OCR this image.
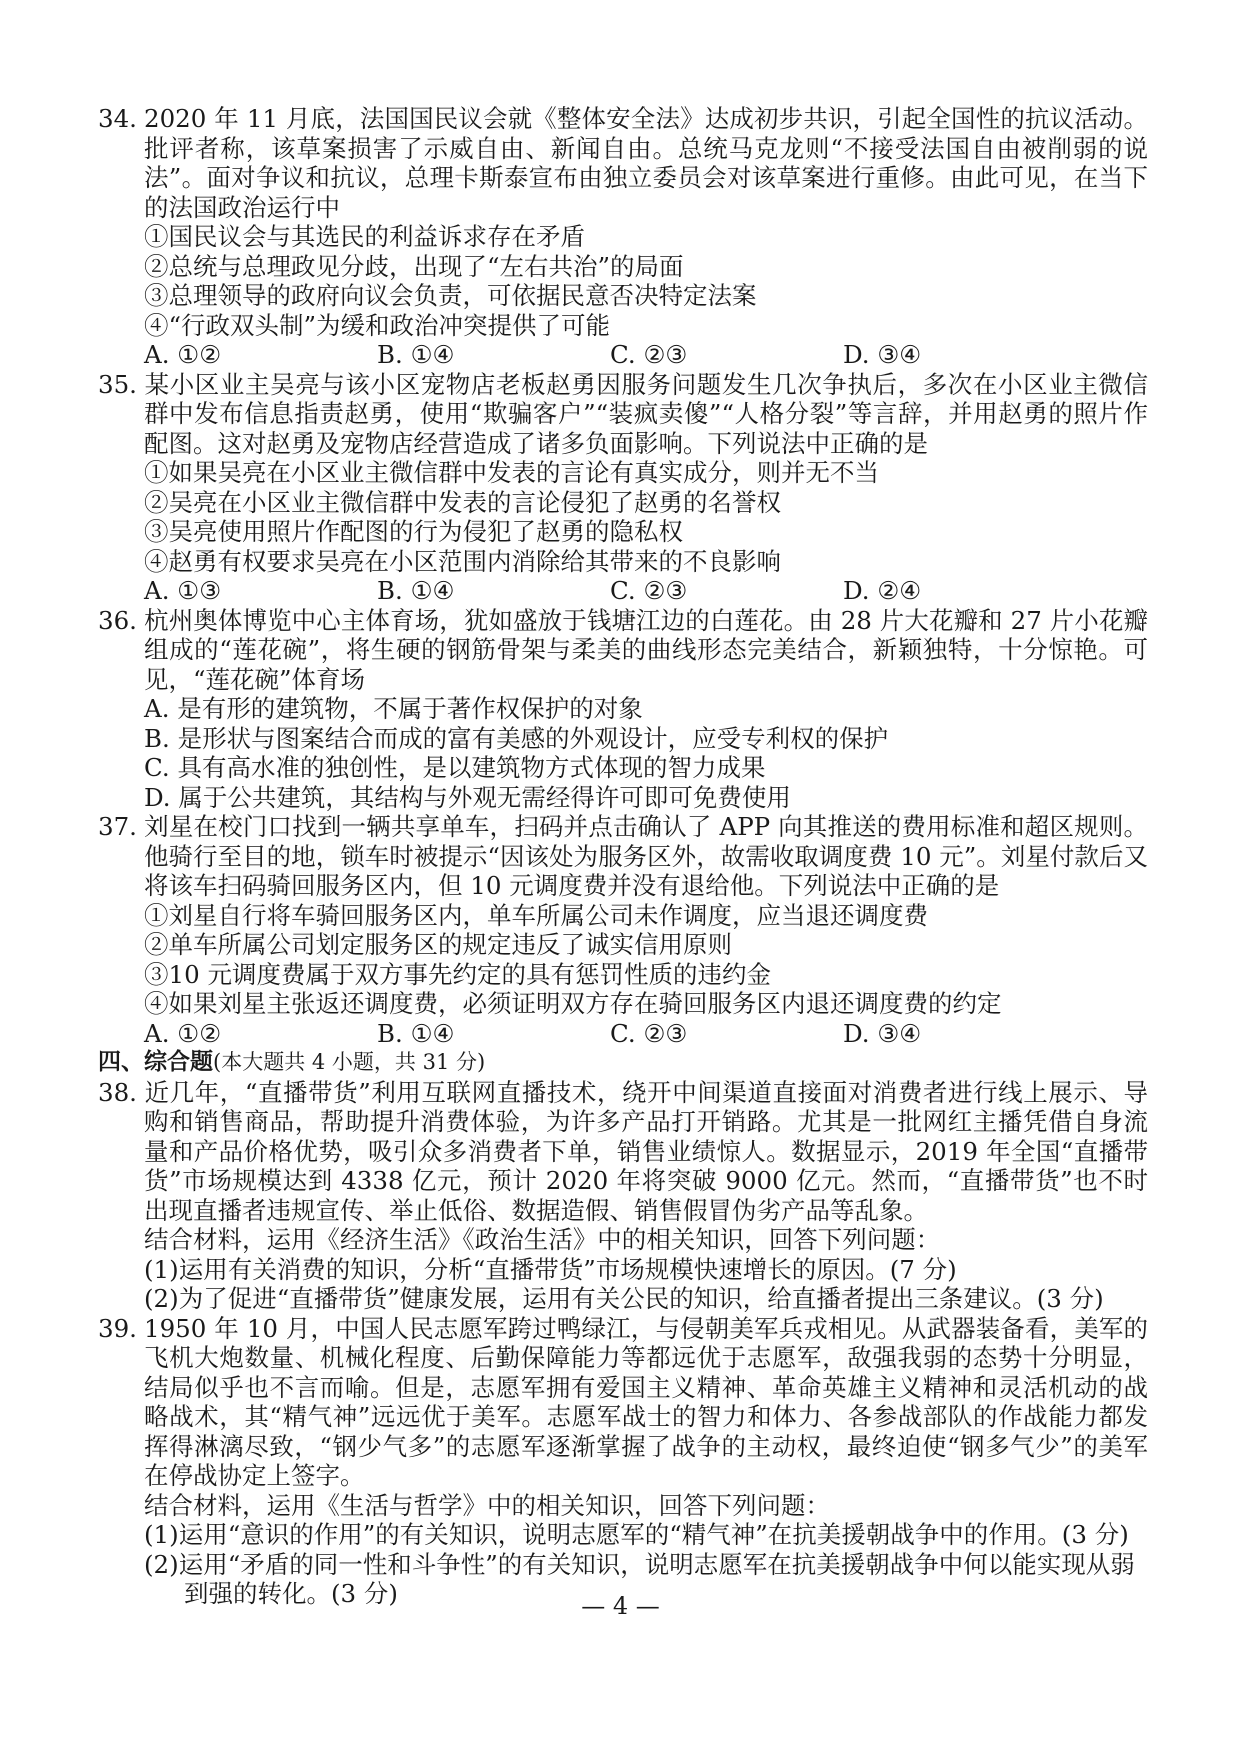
34. 2020 年 11 月底，法国国民议会就《整体安全法》达成初步共识，引起全国性的抗议活动。批评者称，该草案损害了示威自由、新闻自由。总统马克龙则“不接受法国自由被削弱的说法”。面对争议和抗议，总理卡斯泰宣布由独立委员会对该草案进行重修。由此可见，在当下的法国政治运行中
①国民议会与其选民的利益诉求存在矛盾
②总统与总理政见分歧，出现了“左右共治”的局面
③总理领导的政府向议会负责，可依据民意否决特定法案
④“行政双头制”为缓和政治冲突提供了可能
A. ①②	B. ①④	C. ②③	D. ③④
35. 某小区业主吴亮与该小区宠物店老板赵勇因服务问题发生几次争执后，多次在小区业主微信群中发布信息指责赵勇，使用“欺骗客户”“装疯卖傻”“人格分裂”等言辞，并用赵勇的照片作配图。这对赵勇及宠物店经营造成了诸多负面影响。下列说法中正确的是
①如果吴亮在小区业主微信群中发表的言论有真实成分，则并无不当
②吴亮在小区业主微信群中发表的言论侵犯了赵勇的名誉权
③吴亮使用照片作配图的行为侵犯了赵勇的隐私权
④赵勇有权要求吴亮在小区范围内消除给其带来的不良影响
A. ①③	B. ①④	C. ②③	D. ②④
36. 杭州奥体博览中心主体育场，犹如盛放于钱塘江边的白莲花。由 28 片大花瓣和 27 片小花瓣组成的“莲花碗”，将生硬的钢筋骨架与柔美的曲线形态完美结合，新颖独特，十分惊艳。可见，“莲花碗”体育场
A. 是有形的建筑物，不属于著作权保护的对象
B. 是形状与图案结合而成的富有美感的外观设计，应受专利权的保护
C. 具有高水准的独创性，是以建筑物方式体现的智力成果
D. 属于公共建筑，其结构与外观无需经得许可即可免费使用
37. 刘星在校门口找到一辆共享单车，扫码并点击确认了 APP 向其推送的费用标准和超区规则。他骑行至目的地，锁车时被提示“因该处为服务区外，故需收取调度费 10 元”。刘星付款后又将该车扫码骑回服务区内，但 10 元调度费并没有退给他。下列说法中正确的是
①刘星自行将车骑回服务区内，单车所属公司未作调度，应当退还调度费
②单车所属公司划定服务区的规定违反了诚实信用原则
③10 元调度费属于双方事先约定的具有惩罚性质的违约金
④如果刘星主张返还调度费，必须证明双方存在骑回服务区内退还调度费的约定
A. ①②	B. ①④	C. ②③	D. ③④
四、综合题(本大题共 4 小题，共 31 分)
38. 近几年，“直播带货”利用互联网直播技术，绕开中间渠道直接面对消费者进行线上展示、导购和销售商品，帮助提升消费体验，为许多产品打开销路。尤其是一批网红主播凭借自身流量和产品价格优势，吸引众多消费者下单，销售业绩惊人。数据显示，2019 年全国“直播带货”市场规模达到 4338 亿元，预计 2020 年将突破 9000 亿元。然而，“直播带货”也不时出现直播者违规宣传、举止低俗、数据造假、销售假冒伪劣产品等乱象。
结合材料，运用《经济生活》《政治生活》中的相关知识，回答下列问题：
(1)运用有关消费的知识，分析“直播带货”市场规模快速增长的原因。(7 分)
(2)为了促进“直播带货”健康发展，运用有关公民的知识，给直播者提出三条建议。(3 分)
39. 1950 年 10 月，中国人民志愿军跨过鸭绿江，与侵朝美军兵戎相见。从武器装备看，美军的飞机大炮数量、机械化程度、后勤保障能力等都远优于志愿军，敌强我弱的态势十分明显，结局似乎也不言而喻。但是，志愿军拥有爱国主义精神、革命英雄主义精神和灵活机动的战略战术，其“精气神”远远优于美军。志愿军战士的智力和体力、各参战部队的作战能力都发挥得淋漓尽致，“钢少气多”的志愿军逐渐掌握了战争的主动权，最终迫使“钢多气少”的美军在停战协定上签字。
结合材料，运用《生活与哲学》中的相关知识，回答下列问题：
(1)运用“意识的作用”的有关知识，说明志愿军的“精气神”在抗美援朝战争中的作用。(3 分)
(2)运用“矛盾的同一性和斗争性”的有关知识，说明志愿军在抗美援朝战争中何以能实现从弱到强的转化。(3 分)	— 4 —
